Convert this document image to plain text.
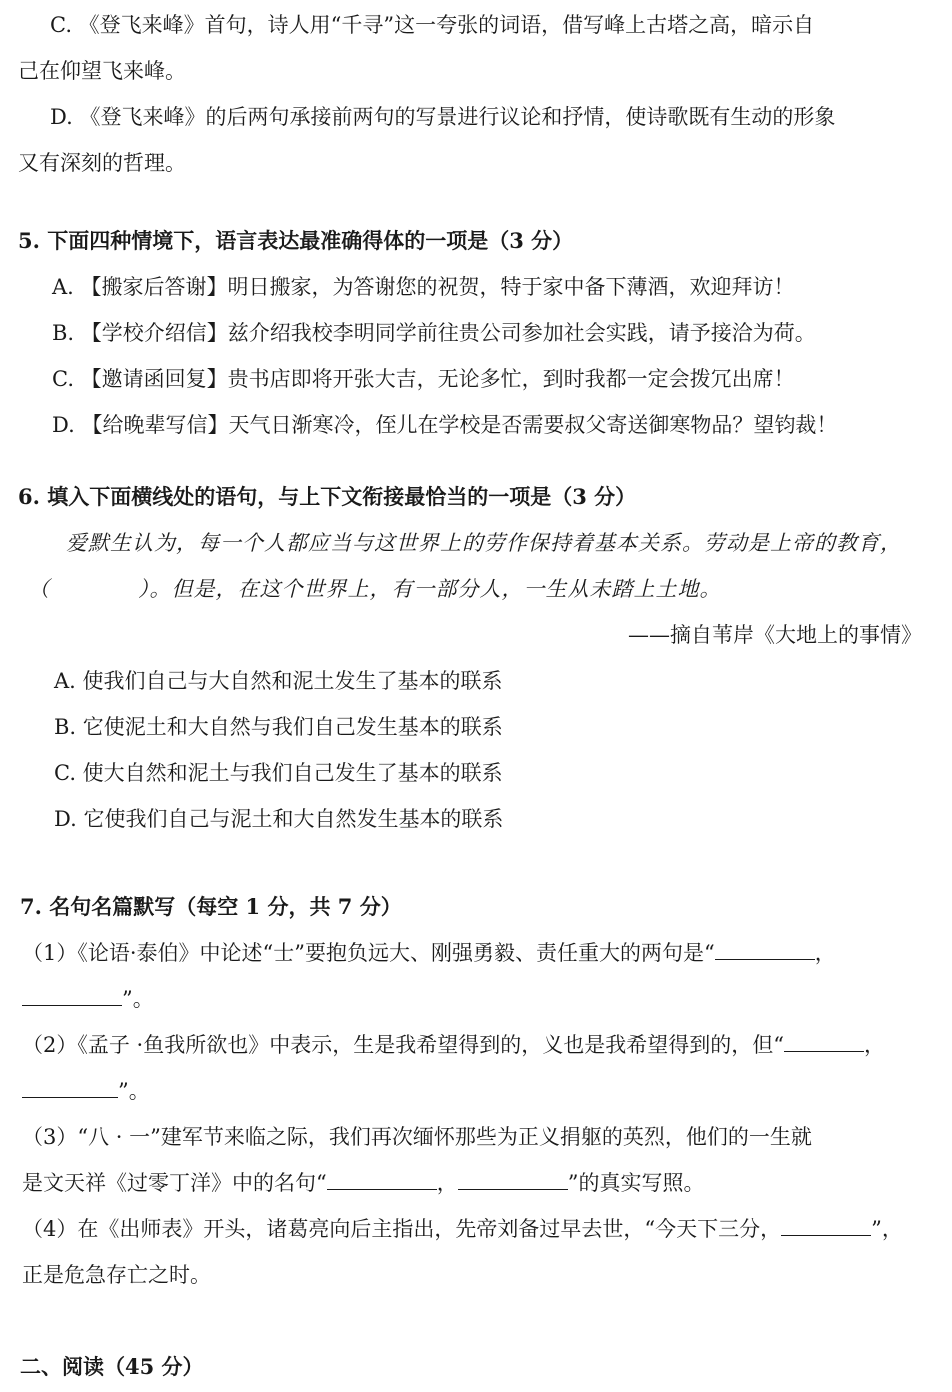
C. 《登飞来峰》首句，诗人用“千寻”这一夸张的词语，借写峰上古塔之高，暗示自
己在仰望飞来峰。
D. 《登飞来峰》的后两句承接前两句的写景进行议论和抒情，使诗歌既有生动的形象
又有深刻的哲理。
5. 下面四种情境下，语言表达最准确得体的一项是（3 分）
A. 【搬家后答谢】明日搬家，为答谢您的祝贺，特于家中备下薄酒，欢迎拜访！
B. 【学校介绍信】兹介绍我校李明同学前往贵公司参加社会实践，请予接洽为荷。
C. 【邀请函回复】贵书店即将开张大吉，无论多忙，到时我都一定会拨冗出席！
D. 【给晚辈写信】天气日渐寒冷，侄儿在学校是否需要叔父寄送御寒物品？望钧裁！
6. 填入下面横线处的语句，与上下文衔接最恰当的一项是（3 分）
爱默生认为，每一个人都应当与这世界上的劳作保持着基本关系。劳动是上帝的教育，
（　　　　）。但是，在这个世界上，有一部分人，一生从未踏上土地。
——摘自苇岸《大地上的事情》
A. 使我们自己与大自然和泥土发生了基本的联系
B. 它使泥土和大自然与我们自己发生基本的联系
C. 使大自然和泥土与我们自己发生了基本的联系
D. 它使我们自己与泥土和大自然发生基本的联系
7. 名句名篇默写（每空 1 分，共 7 分）
（1）《论语·泰伯》中论述“士”要抱负远大、刚强勇毅、责任重大的两句是“	，
”。
（2）《孟子 ·鱼我所欲也》中表示，生是我希望得到的，义也是我希望得到的，但“	，
”。
（3）“八 · 一”建军节来临之际，我们再次缅怀那些为正义捐躯的英烈，他们的一生就
是文天祥《过零丁洋》中的名句“	，	”的真实写照。
（4）在《出师表》开头，诸葛亮向后主指出，先帝刘备过早去世，“今天下三分，	”，
正是危急存亡之时。
二、阅读（45 分）
